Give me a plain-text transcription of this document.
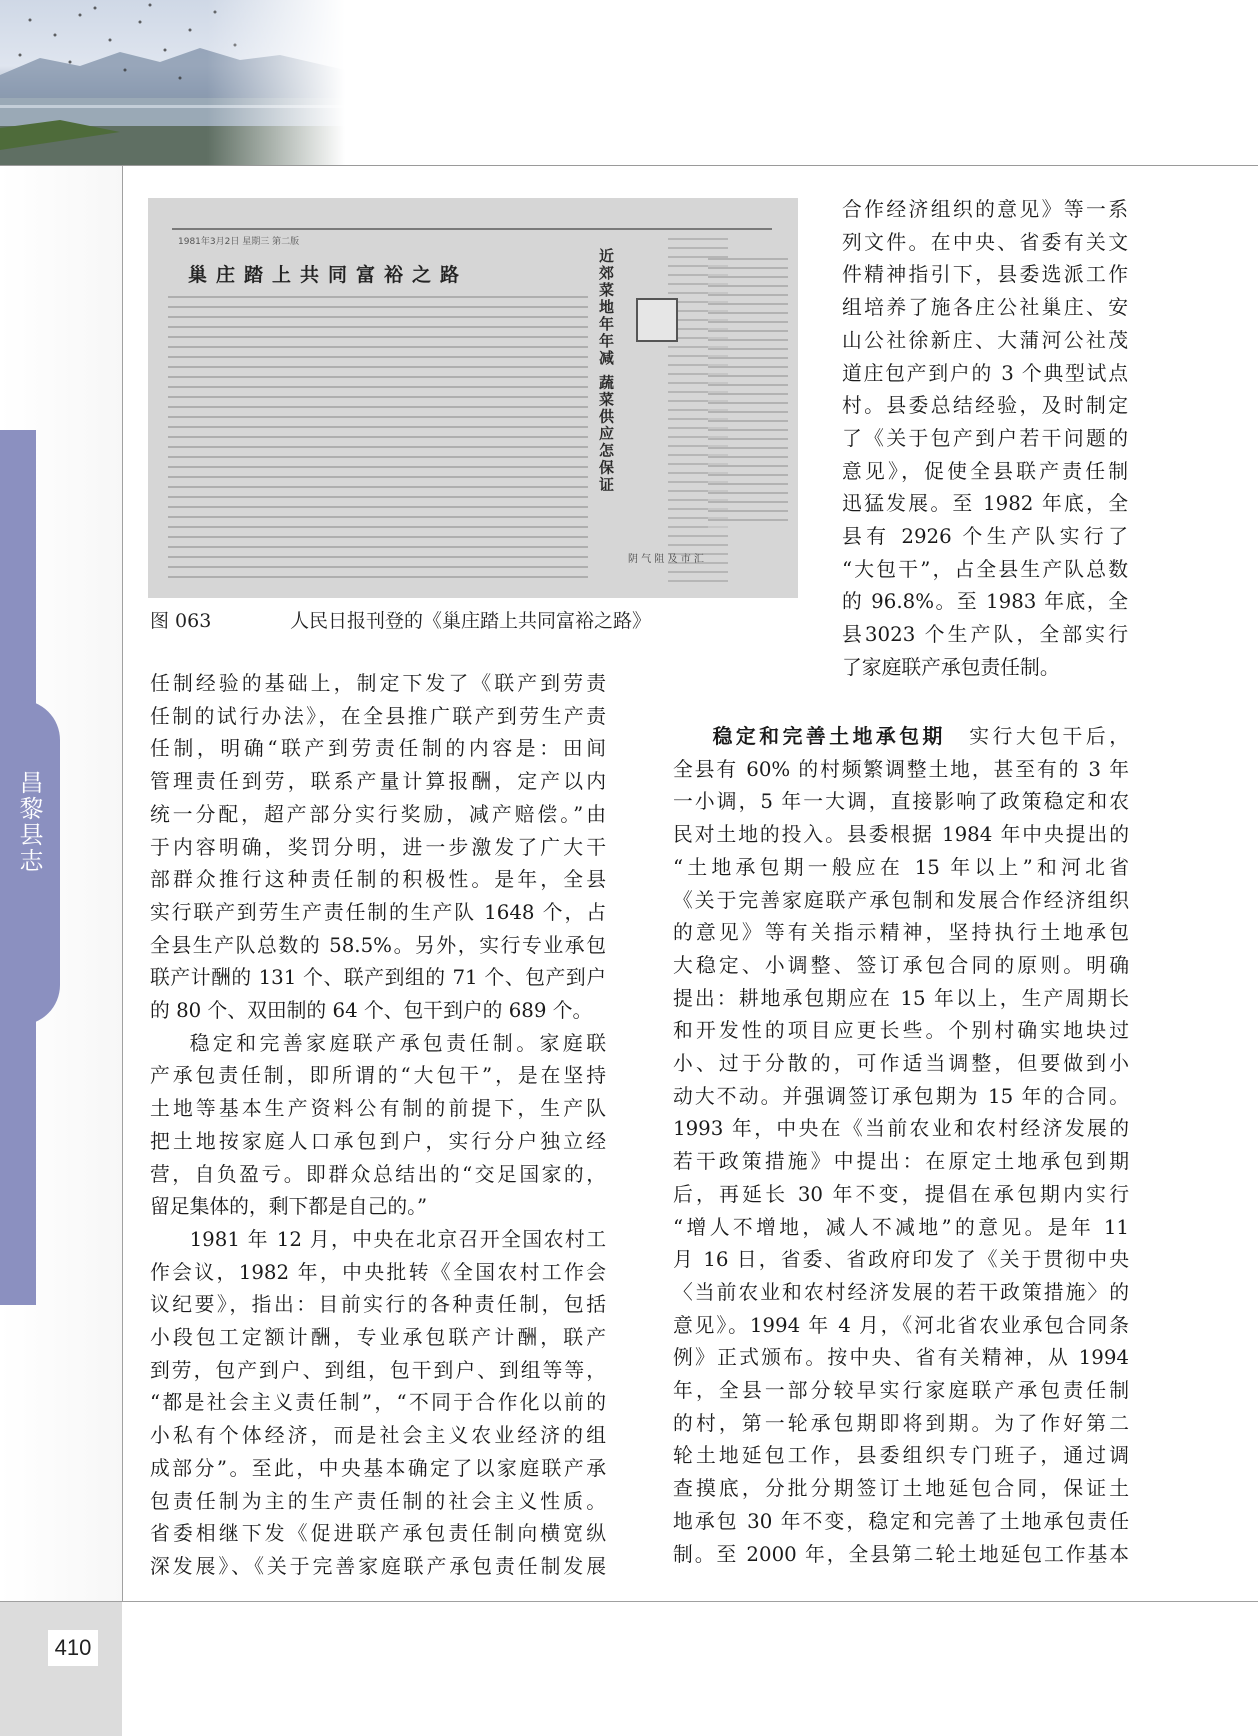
昌黎县志
410
1981年3月2日 星期三 第二版
巢庄踏上共同富裕之路	近郊菜地年年减 蔬菜供应怎保证
阴 气 阻 及 市 汇
图 063	人民日报刊登的《巢庄踏上共同富裕之路》

合作经济组织的意见》等一系

列文件。在中央、省委有关文

件精神指引下，县委选派工作

组培养了施各庄公社巢庄、安

山公社徐新庄、大蒲河公社茂

道庄包产到户的 3 个典型试点

村。县委总结经验，及时制定

了《关于包产到户若干问题的

意见》，促使全县联产责任制

迅猛发展。至 1982 年底，全

县有 2926 个生产队实行了

“大包干”，占全县生产队总数

的 96.8%。至 1983 年底，全

县3023 个生产队，全部实行

了家庭联产承包责任制。

任制经验的基础上，制定下发了《联产到劳责

任制的试行办法》，在全县推广联产到劳生产责

任制，明确“联产到劳责任制的内容是：田间

管理责任到劳，联系产量计算报酬，定产以内

统一分配，超产部分实行奖励，减产赔偿。”由

于内容明确，奖罚分明，进一步激发了广大干

部群众推行这种责任制的积极性。是年，全县

实行联产到劳生产责任制的生产队 1648 个，占

全县生产队总数的 58.5%。另外，实行专业承包

联产计酬的 131 个、联产到组的 71 个、包产到户

的 80 个、双田制的 64 个、包干到户的 689 个。

稳定和完善家庭联产承包责任制。家庭联

产承包责任制，即所谓的“大包干”，是在坚持

土地等基本生产资料公有制的前提下，生产队

把土地按家庭人口承包到户，实行分户独立经

营，自负盈亏。即群众总结出的“交足国家的，

留足集体的，剩下都是自己的。”

1981 年 12 月，中央在北京召开全国农村工

作会议，1982 年，中央批转《全国农村工作会

议纪要》，指出：目前实行的各种责任制，包括

小段包工定额计酬，专业承包联产计酬，联产

到劳，包产到户、到组，包干到户、到组等等，

“都是社会主义责任制”，“不同于合作化以前的

小私有个体经济，而是社会主义农业经济的组

成部分”。至此，中央基本确定了以家庭联产承

包责任制为主的生产责任制的社会主义性质。

省委相继下发《促进联产承包责任制向横宽纵

深发展》、《关于完善家庭联产承包责任制发展

稳定和完善土地承包期　 实行大包干后，

全县有 60% 的村频繁调整土地，甚至有的 3 年

一小调，5 年一大调，直接影响了政策稳定和农

民对土地的投入。县委根据 1984 年中央提出的

“土地承包期一般应在 15 年以上”和河北省

《关于完善家庭联产承包制和发展合作经济组织

的意见》等有关指示精神，坚持执行土地承包

大稳定、小调整、签订承包合同的原则。明确

提出：耕地承包期应在 15 年以上，生产周期长

和开发性的项目应更长些。个别村确实地块过

小、过于分散的，可作适当调整，但要做到小

动大不动。并强调签订承包期为 15 年的合同。

1993 年，中央在《当前农业和农村经济发展的

若干政策措施》中提出：在原定土地承包到期

后，再延长 30 年不变，提倡在承包期内实行

“增人不增地，减人不减地”的意见。是年 11

月 16 日，省委、省政府印发了《关于贯彻中央

〈当前农业和农村经济发展的若干政策措施〉的

意见》。1994 年 4 月，《河北省农业承包合同条

例》正式颁布。按中央、省有关精神，从 1994

年，全县一部分较早实行家庭联产承包责任制

的村，第一轮承包期即将到期。为了作好第二

轮土地延包工作，县委组织专门班子，通过调

查摸底，分批分期签订土地延包合同，保证土

地承包 30 年不变，稳定和完善了土地承包责任

制。至 2000 年，全县第二轮土地延包工作基本
